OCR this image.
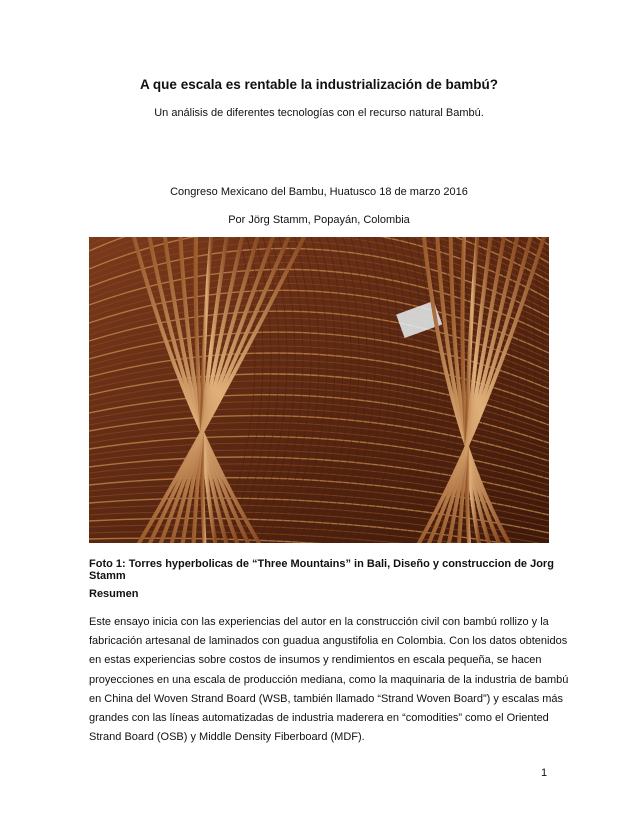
A que escala es rentable la industrialización de bambú?
Un análisis de diferentes tecnologías con el recurso natural Bambú.
Congreso Mexicano del Bambu, Huatusco 18 de marzo 2016
Por Jörg Stamm, Popayán, Colombia
Foto 1: Torres hyperbolicas de “Three Mountains” in Bali, Diseño y construccion de Jorg Stamm
Resumen
Este ensayo inicia con las experiencias del autor en la construcción civil con bambú rollizo y la
fabricación artesanal de laminados con guadua angustifolia en Colombia. Con los datos obtenidos
en estas experiencias sobre costos de insumos y rendimientos en escala pequeña, se hacen
proyecciones en una escala de producción mediana, como la maquinaria de la industria de bambú
en China del Woven Strand Board (WSB, también llamado “Strand Woven Board”) y escalas más
grandes con las líneas automatizadas de industria maderera en “comodities” como el Oriented
Strand Board (OSB) y Middle Density Fiberboard (MDF).
1
